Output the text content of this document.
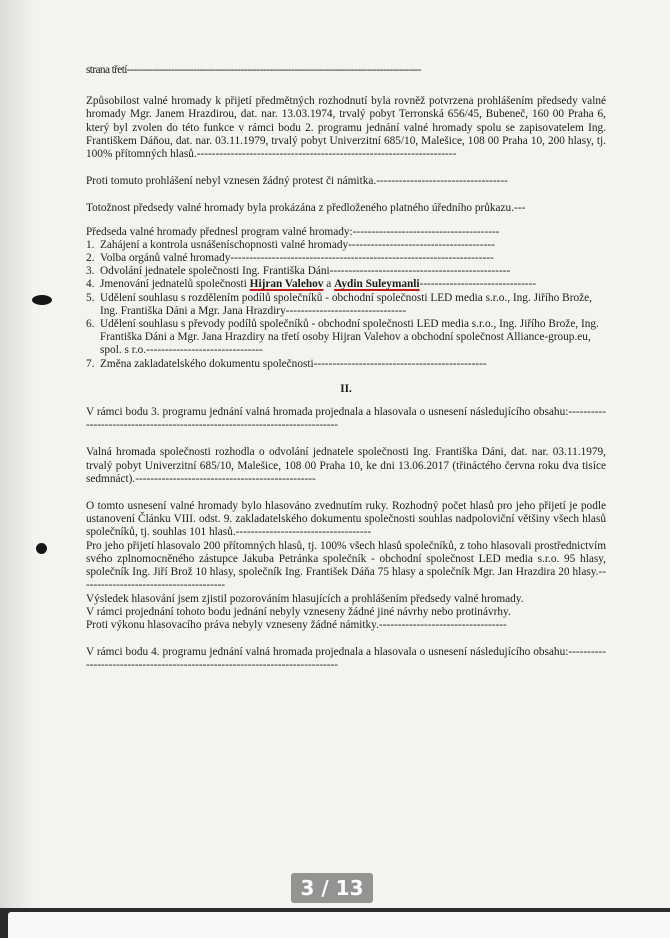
strana třetí---------------------------------------------------------------------------------------------

Způsobilost valné hromady k přijetí předmětných rozhodnutí byla rovněž potvrzena prohlášením předsedy valné hromady Mgr. Janem Hrazdirou, dat. nar. 13.03.1974, trvalý pobyt Terronská 656/45, Bubeneč, 160 00 Praha 6, který byl zvolen do této funkce v rámci bodu 2. programu jednání valné hromady spolu se zapisovatelem Ing. Františkem Dáňou, dat. nar. 03.11.1979, trvalý pobyt Univerzitní 685/10, Malešice, 108 00 Praha 10, 200 hlasy, tj. 100% přítomných hlasů.---------------------------------------------------------------------

Proti tomuto prohlášení nebyl vznesen žádný protest či námitka.-----------------------------------

Totožnost předsedy valné hromady byla prokázána z předloženého platného úředního průkazu.---

Předseda valné hromady přednesl program valné hromady:---------------------------------------

1. Zahájení a kontrola usnášeníschopnosti valné hromady---------------------------------------
2. Volba orgánů valné hromady----------------------------------------------------------------------
3. Odvolání jednatele společnosti Ing. Františka Dáni------------------------------------------------
4. Jmenování jednatelů společnosti Hijran Valehov a Aydin Suleymanli-------------------------------
5. Udělení souhlasu s rozdělením podílů společníků - obchodní společnosti LED media s.r.o., Ing. Jiřího Brože, Ing. Františka Dáni a Mgr. Jana Hrazdiry--------------------------------
6. Udělení souhlasu s převody podílů společníků - obchodní společnosti LED media s.r.o., Ing. Jiřího Brože, Ing. Františka Dáni a Mgr. Jana Hrazdiry na třetí osoby Hijran Valehov a obchodní společnost Alliance-group.eu, spol. s r.o.-------------------------------
7. Změna zakladatelského dokumentu společnosti----------------------------------------------
II.

V rámci bodu 3. programu jednání valná hromada projednala a hlasovala o usnesení následujícího obsahu:-----------------------------------------------------------------------------

Valná hromada společnosti rozhodla o odvolání jednatele společnosti Ing. Františka Dáni, dat. nar. 03.11.1979, trvalý pobyt Univerzitní 685/10, Malešice, 108 00 Praha 10, ke dni 13.06.2017 (třináctého června roku dva tisíce sedmnáct).------------------------------------------------

O tomto usnesení valné hromady bylo hlasováno zvednutím ruky. Rozhodný počet hlasů pro jeho přijetí je podle ustanovení Článku VIII. odst. 9. zakladatelského dokumentu společnosti souhlas nadpoloviční většiny všech hlasů společníků, tj. souhlas 101 hlasů.------------------------------------

Pro jeho přijetí hlasovalo 200 přítomných hlasů, tj. 100% všech hlasů společníků, z toho hlasovali prostřednictvím svého zplnomocněného zástupce Jakuba Petránka společník - obchodní společnost LED media s.r.o. 95 hlasy, společník Ing. Jiří Brož 10 hlasy, společník Ing. František Dáňa 75 hlasy a společník Mgr. Jan Hrazdira 20 hlasy.---------------------------------------

Výsledek hlasování jsem zjistil pozorováním hlasujících a prohlášením předsedy valné hromady.

V rámci projednání tohoto bodu jednání nebyly vzneseny žádné jiné návrhy nebo protinávrhy.

Proti výkonu hlasovacího práva nebyly vzneseny žádné námitky.----------------------------------

V rámci bodu 4. programu jednání valná hromada projednala a hlasovala o usnesení následujícího obsahu:-----------------------------------------------------------------------------

3 / 13
